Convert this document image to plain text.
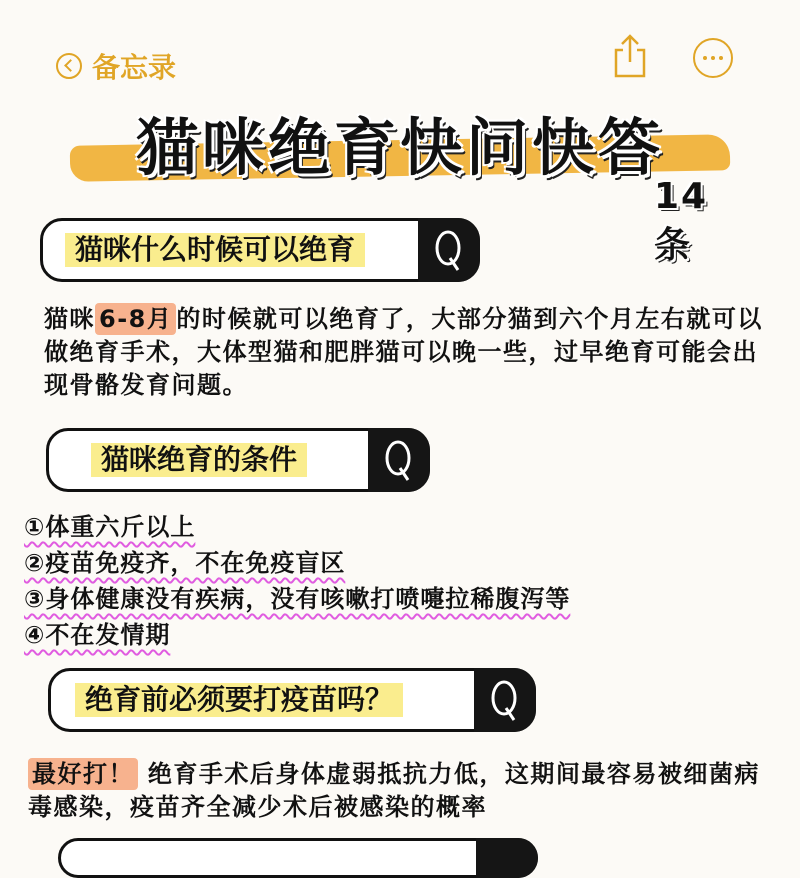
备忘录
猫咪绝育快问快答
14条
猫咪什么时候可以绝育
猫咪 6-8月 的时候就可以绝育了，大部分猫到六个月左右就可以做绝育手术，大体型猫和肥胖猫可以晚一些，过早绝育可能会出现骨骼发育问题。
猫咪绝育的条件
①体重六斤以上
②疫苗免疫齐，不在免疫盲区
③身体健康没有疾病，没有咳嗽打喷嚏拉稀腹泻等
④不在发情期
绝育前必须要打疫苗吗？
最好打！ 绝育手术后身体虚弱抵抗力低，这期间最容易被细菌病毒感染，疫苗齐全减少术后被感染的概率
